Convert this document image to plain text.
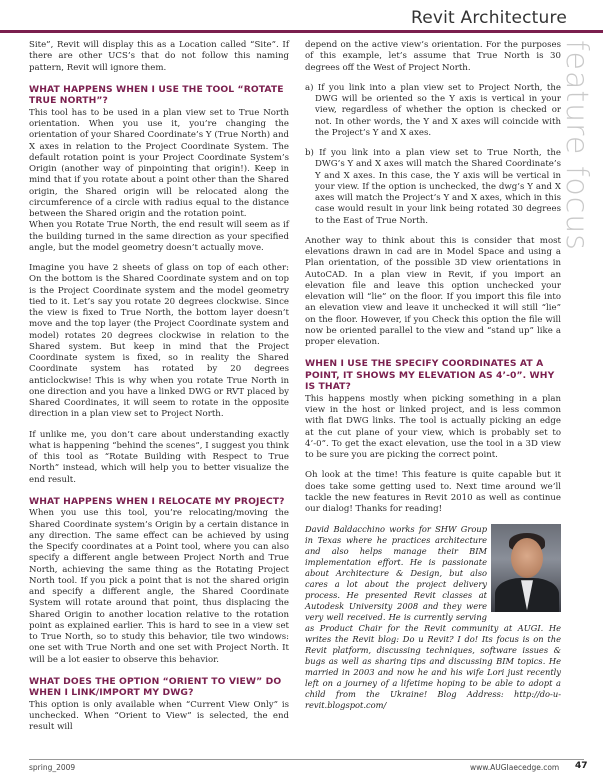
Revit Architecture
feature focus

Site”, Revit will display this as a Location called “Site”. If there are other UCS’s that do not follow this naming pattern, Revit will ignore them.

WHAT HAPPENS WHEN I USE THE TOOL “ROTATE TRUE NORTH”?

This tool has to be used in a plan view set to True North orientation. When you use it, you’re changing the orientation of your Shared Coordinate’s Y (True North) and X axes in relation to the Project Coordinate System. The default rotation point is your Project Coordinate System’s Origin (another way of pinpointing that origin!). Keep in mind that if you rotate about a point other than the Shared origin, the Shared origin will be relocated along the circumference of a circle with radius equal to the distance between the Shared origin and the rotation point.

When you Rotate True North, the end result will seem as if the building turned in the same direction as your specified angle, but the model geometry doesn’t actually move.

Imagine you have 2 sheets of glass on top of each other: On the bottom is the Shared Coordinate system and on top is the Project Coordinate system and the model geometry tied to it. Let’s say you rotate 20 degrees clockwise. Since the view is fixed to True North, the bottom layer doesn’t move and the top layer (the Project Coordinate system and model) rotates 20 degrees clockwise in relation to the Shared system. But keep in mind that the Project Coordinate system is fixed, so in reality the Shared Coordinate system has rotated by 20 degrees anticlockwise! This is why when you rotate True North in one direction and you have a linked DWG or RVT placed by Shared Coordinates, it will seem to rotate in the opposite direction in a plan view set to Project North.

If unlike me, you don’t care about understanding exactly what is happening “behind the scenes”, I suggest you think of this tool as “Rotate Building with Respect to True North” instead, which will help you to better visualize the end result.

WHAT HAPPENS WHEN I RELOCATE MY PROJECT?

When you use this tool, you’re relocating/moving the Shared Coordinate system’s Origin by a certain distance in any direction. The same effect can be achieved by using the Specify coordinates at a Point tool, where you can also specify a different angle between Project North and True North, achieving the same thing as the Rotating Project North tool. If you pick a point that is not the shared origin and specify a different angle, the Shared Coordinate System will rotate around that point, thus displacing the Shared Origin to another location relative to the rotation point as explained earlier. This is hard to see in a view set to True North, so to study this behavior, tile two windows: one set with True North and one set with Project North. It will be a lot easier to observe this behavior.

WHAT DOES THE OPTION “ORIENT TO VIEW” DO WHEN I LINK/IMPORT MY DWG?

This option is only available when “Current View Only” is unchecked. When “Orient to View” is selected, the end result will

depend on the active view’s orientation. For the purposes of this example, let’s assume that True North is 30 degrees off the West of Project North.

a) If you link into a plan view set to Project North, the DWG will be oriented so the Y axis is vertical in your view, regardless of whether the option is checked or not. In other words, the Y and X axes will coincide with the Project’s Y and X axes.

b) If you link into a plan view set to True North, the DWG’s Y and X axes will match the Shared Coordinate’s Y and X axes. In this case, the Y axis will be vertical in your view. If the option is unchecked, the dwg’s Y and X axes will match the Project’s Y and X axes, which in this case would result in your link being rotated 30 degrees to the East of True North.

Another way to think about this is consider that most elevations drawn in cad are in Model Space and using a Plan orientation, of the possible 3D view orientations in AutoCAD. In a plan view in Revit, if you import an elevation file and leave this option unchecked your elevation will “lie” on the floor. If you import this file into an elevation view and leave it unchecked it will still “lie” on the floor. However, if you Check this option the file will now be oriented parallel to the view and “stand up” like a proper elevation.

WHEN I USE THE SPECIFY COORDINATES AT A POINT, IT SHOWS MY ELEVATION AS 4’-0”. WHY IS THAT?

This happens mostly when picking something in a plan view in the host or linked project, and is less common with flat DWG links. The tool is actually picking an edge at the cut plane of your view, which is probably set to 4’-0”. To get the exact elevation, use the tool in a 3D view to be sure you are picking the correct point.

Oh look at the time! This feature is quite capable but it does take some getting used to. Next time around we’ll tackle the new features in Revit 2010 as well as continue our dialog! Thanks for reading!

David Baldacchino works for SHW Group in Texas where he practices architecture and also helps manage their BIM implementation effort. He is passionate about Architecture & Design, but also cares a lot about the project delivery process. He presented Revit classes at Autodesk University 2008 and they were very well received. He is currently serving as Product Chair for the Revit community at AUGI. He writes the Revit blog: Do u Revit? I do! Its focus is on the Revit platform, discussing techniques, software issues & bugs as well as sharing tips and discussing BIM topics. He married in 2003 and now he and his wife Lori just recently left on a journey of a lifetime hoping to be able to adopt a child from the Ukraine! Blog Address: http://do-u-revit.blogspot.com/

spring_2009	www.AUGIaecedge.com 47
